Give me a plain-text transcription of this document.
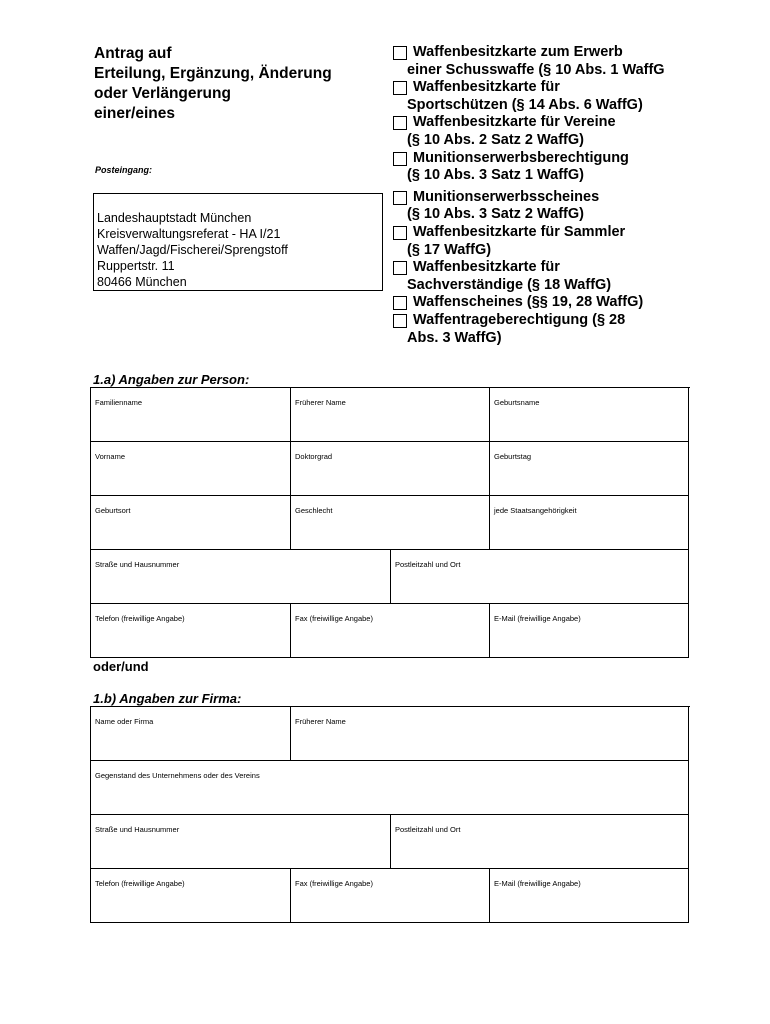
Antrag auf
Erteilung, Ergänzung, Änderung
oder Verlängerung
einer/eines
Posteingang:
Landeshauptstadt München
Kreisverwaltungsreferat - HA I/21
Waffen/Jagd/Fischerei/Sprengstoff
Ruppertstr. 11
80466 München
Waffenbesitzkarte zum Erwerb
einer Schusswaffe (§ 10 Abs. 1 WaffG
Waffenbesitzkarte für
Sportschützen (§ 14 Abs. 6 WaffG)
Waffenbesitzkarte für Vereine
(§ 10 Abs. 2 Satz 2 WaffG)
Munitionserwerbsberechtigung
(§ 10 Abs. 3 Satz 1 WaffG)
Munitionserwerbsscheines
(§ 10 Abs. 3 Satz 2 WaffG)
Waffenbesitzkarte für Sammler
(§ 17 WaffG)
Waffenbesitzkarte für
Sachverständige (§ 18 WaffG)
Waffenscheines (§§ 19, 28 WaffG)
Waffentrageberechtigung (§ 28
Abs. 3 WaffG)
1.a) Angaben zur Person:
Familienname	Früherer Name	Geburtsname
Vorname	Doktorgrad	Geburtstag
Geburtsort	Geschlecht	jede Staatsangehörigkeit
Straße und Hausnummer	Postleitzahl und Ort
Telefon (freiwillige Angabe)	Fax (freiwillige Angabe)	E-Mail (freiwillige Angabe)
oder/und
1.b) Angaben zur Firma:
Name oder Firma	Früherer Name
Gegenstand des Unternehmens oder des Vereins
Straße und Hausnummer	Postleitzahl und Ort
Telefon (freiwillige Angabe)	Fax (freiwillige Angabe)	E-Mail (freiwillige Angabe)
